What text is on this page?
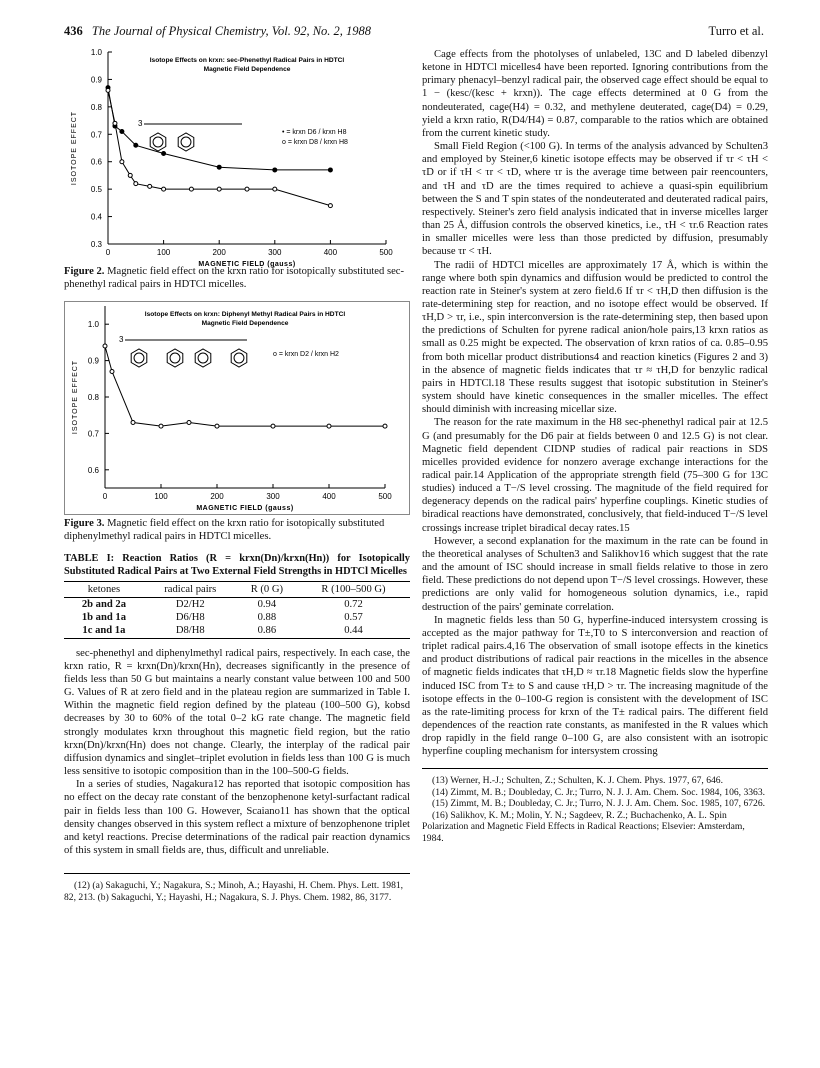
436 The Journal of Physical Chemistry, Vol. 92, No. 2, 1988	Turro et al.
0	100	200	300	400	500
0.3
0.4
0.5
0.6
0.7
0.8
0.9
1.0
Isotope Effects on krxn: sec-Phenethyl Radical Pairs in HDTCl
Magnetic Field Dependence
MAGNETIC FIELD (gauss)
ISOTOPE EFFECT	• = krxn D6 / krxn H8
o = krxn D8 / krxn H8
3
Figure 2. Magnetic field effect on the krxn ratio for isotopically substituted sec-phenethyl radical pairs in HDTCl micelles.
0	100	200	300	400	500
0.6
0.7
0.8
0.9
1.0
Isotope Effects on krxn: Diphenyl Methyl Radical Pairs in HDTCl
Magnetic Field Dependence
MAGNETIC FIELD (gauss)
ISOTOPE EFFECT
o = krxn D2 / krxn H2
3
Figure 3. Magnetic field effect on the krxn ratio for isotopically substituted diphenylmethyl radical pairs in HDTCl micelles.
TABLE I: Reaction Ratios (R = krxn(Dn)/krxn(Hn)) for Isotopically Substituted Radical Pairs at Two External Field Strengths in HDTCl Micelles
ketones	radical pairs	R (0 G)	R (100–500 G)
2b and 2a	D2/H2	0.94	0.72
1b and 1a	D6/H8	0.88	0.57
1c and 1a	D8/H8	0.86	0.44

sec-phenethyl and diphenylmethyl radical pairs, respectively. In each case, the krxn ratio, R = krxn(Dn)/krxn(Hn), decreases significantly in the presence of fields less than 50 G but maintains a nearly constant value between 100 and 500 G. Values of R at zero field and in the plateau region are summarized in Table I. Within the magnetic field region defined by the plateau (100–500 G), kobsd decreases by 30 to 60% of the total 0–2 kG rate change. The magnetic field strongly modulates krxn throughout this magnetic field region, but the ratio krxn(Dn)/krxn(Hn) does not change. Clearly, the interplay of the radical pair diffusion dynamics and singlet–triplet evolution in fields less than 100 G is much less sensitive to isotopic composition than in the 100–500-G fields.

In a series of studies, Nagakura12 has reported that isotopic composition has no effect on the decay rate constant of the benzophenone ketyl-surfactant radical pair in fields less than 100 G. However, Scaiano11 has shown that the optical density changes observed in this system reflect a mixture of benzophenone triplet and ketyl reactions. Precise determinations of the radical pair reaction dynamics of this system in small fields are, thus, difficult and unreliable.

(12) (a) Sakaguchi, Y.; Nagakura, S.; Minoh, A.; Hayashi, H. Chem. Phys. Lett. 1981, 82, 213. (b) Sakaguchi, Y.; Hayashi, H.; Nagakura, S. J. Phys. Chem. 1982, 86, 3177.

Cage effects from the photolyses of unlabeled, 13C and D labeled dibenzyl ketone in HDTCl micelles4 have been reported. Ignoring contributions from the primary phenacyl–benzyl radical pair, the observed cage effect should be equal to 1 − (kesc/(kesc + krxn)). The cage effects determined at 0 G from the nondeuterated, cage(H4) = 0.32, and methylene deuterated, cage(D4) = 0.29, yield a krxn ratio, R(D4/H4) = 0.87, comparable to the ratios which are obtained from the current kinetic study.

Small Field Region (<100 G). In terms of the analysis advanced by Schulten3 and employed by Steiner,6 kinetic isotope effects may be observed if τr < τH < τD or if τH < τr < τD, where τr is the average time between pair reencounters, and τH and τD are the times required to achieve a quasi-spin equilibrium between the S and T spin states of the nondeuterated and deuterated radical pairs, respectively. Steiner's zero field analysis indicated that in inverse micelles larger than 25 Å, diffusion controls the observed kinetics, i.e., τH < τr.6 Reaction rates in smaller micelles were less than those predicted by diffusion, presumably because τr < τH.

The radii of HDTCl micelles are approximately 17 Å, which is within the range where both spin dynamics and diffusion would be predicted to control the reaction rate in Steiner's system at zero field.6 If τr < τH,D then diffusion is the rate-determining step for reaction, and no isotope effect would be observed. If τH,D > τr, i.e., spin interconversion is the rate-determining step, then based upon the predictions of Schulten for pyrene radical anion/hole pairs,13 krxn ratios as small as 0.25 might be expected. The observation of krxn ratios of ca. 0.85–0.95 from both micellar product distributions4 and reaction kinetics (Figures 2 and 3) in the absence of magnetic fields indicates that τr ≈ τH,D for benzylic radical pairs in HDTCl.18 These results suggest that isotopic substitution in Steiner's system should have kinetic consequences in the smaller micelles. The effect should diminish with increasing micellar size.

The reason for the rate maximum in the H8 sec-phenethyl radical pair at 12.5 G (and presumably for the D6 pair at fields between 0 and 12.5 G) is not clear. Magnetic field dependent CIDNP studies of radical pair reactions in SDS micelles provided evidence for nonzero average exchange interactions for the radical pair.14 Application of the appropriate strength field (75–300 G for 13C studies) induced a T−/S level crossing. The magnitude of the field required for degeneracy depends on the radical pairs' hyperfine couplings. Kinetic studies of biradical reactions have demonstrated, conclusively, that field-induced T−/S level crossings increase triplet biradical decay rates.15

However, a second explanation for the maximum in the rate can be found in the theoretical analyses of Schulten3 and Salikhov16 which suggest that the rate and the amount of ISC should increase in small fields relative to those in zero field. These predictions do not depend upon T−/S level crossings. However, these predictions are only valid for homogeneous solution dynamics, i.e., rapid destruction of the pairs' geminate correlation.

In magnetic fields less than 50 G, hyperfine-induced intersystem crossing is accepted as the major pathway for T±,T0 to S interconversion and reaction of triplet radical pairs.4,16 The observation of small isotope effects in the kinetics and product distributions of radical pair reactions in the micelles in the absence of magnetic fields indicates that τH,D ≈ τr.18 Magnetic fields slow the hyperfine induced ISC from T± to S and cause τH,D > τr. The increasing magnitude of the isotope effects in the 0–100-G region is consistent with the development of ISC as the rate-limiting process for krxn of the T± radical pairs. The different field dependences of the reaction rate constants, as manifested in the R values which drop rapidly in the field range 0–100 G, are also consistent with an isotropic hyperfine coupling mechanism for intersystem crossing

(13) Werner, H.-J.; Schulten, Z.; Schulten, K. J. Chem. Phys. 1977, 67, 646.
(14) Zimmt, M. B.; Doubleday, C. Jr.; Turro, N. J. J. Am. Chem. Soc. 1984, 106, 3363.
(15) Zimmt, M. B.; Doubleday, C. Jr.; Turro, N. J. J. Am. Chem. Soc. 1985, 107, 6726.
(16) Salikhov, K. M.; Molin, Y. N.; Sagdeev, R. Z.; Buchachenko, A. L. Spin Polarization and Magnetic Field Effects in Radical Reactions; Elsevier: Amsterdam, 1984.
